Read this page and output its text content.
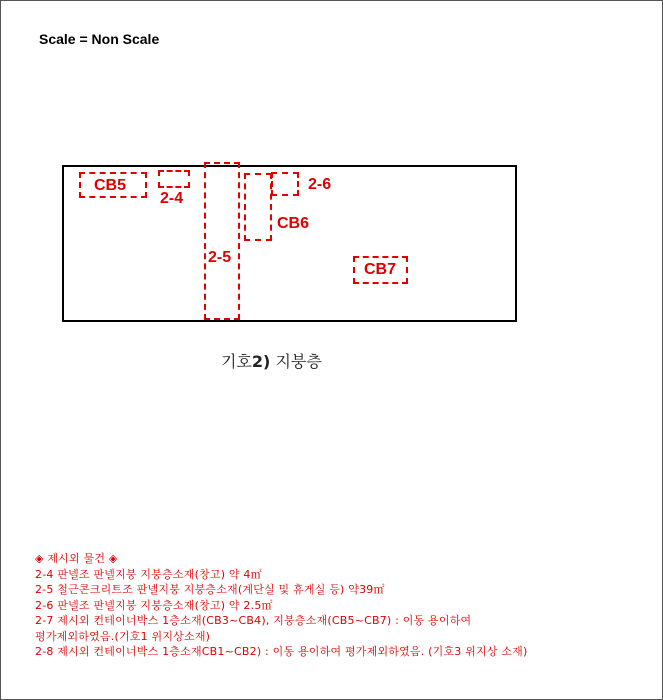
Scale = Non Scale
CB5
2-4
2-5
CB6
2-6
CB7
기호2) 지붕층
◈ 제시외 물건 ◈
2-4 판넬조 판넬지붕 지붕층소재(창고) 약 4㎡
2-5 철근콘크리트조 판넬지붕 지붕층소재(계단실 및 휴게실 등) 약39㎡
2-6 판넬조 판넬지붕 지붕층소재(창고) 약 2.5㎡
2-7 제시외 컨테이너박스 1층소재(CB3~CB4), 지붕층소재(CB5~CB7) : 이동 용이하여
평가제외하였음.(기호1 위지상소재)
2-8 제시외 컨테이너박스 1층소재CB1~CB2) : 이동 용이하여 평가제외하였음. (기호3 위지상 소재)
